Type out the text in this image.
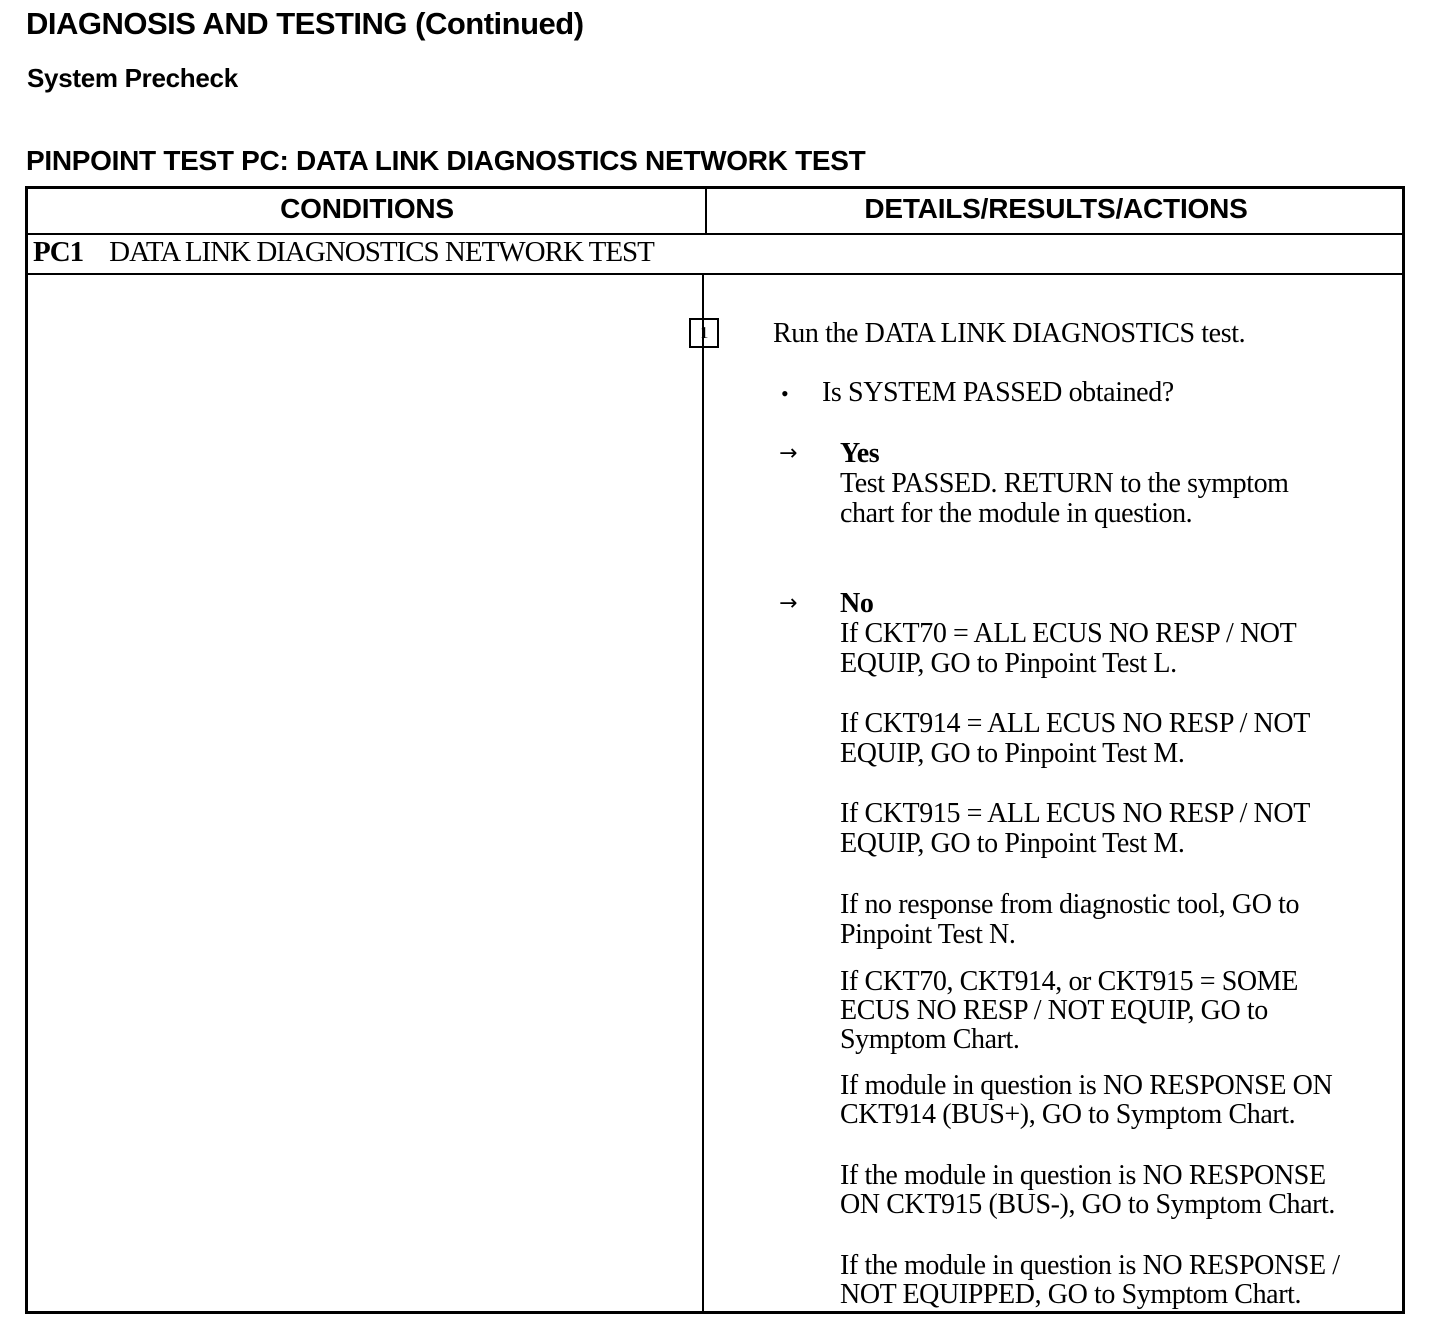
DIAGNOSIS AND TESTING (Continued)
System Precheck
PINPOINT TEST PC: DATA LINK DIAGNOSTICS NETWORK TEST
CONDITIONS	DETAILS/RESULTS/ACTIONS
PC1 DATA LINK DIAGNOSTICS NETWORK TEST
1	Run the DATA LINK DIAGNOSTICS test.
• Is SYSTEM PASSED obtained?
→ Yes
Test PASSED. RETURN to the symptom
chart for the module in question.
→ No
If CKT70 = ALL ECUS NO RESP / NOT
EQUIP, GO to Pinpoint Test L.
If CKT914 = ALL ECUS NO RESP / NOT
EQUIP, GO to Pinpoint Test M.
If CKT915 = ALL ECUS NO RESP / NOT
EQUIP, GO to Pinpoint Test M.
If no response from diagnostic tool, GO to
Pinpoint Test N.
If CKT70, CKT914, or CKT915 = SOME
ECUS NO RESP / NOT EQUIP, GO to
Symptom Chart.
If module in question is NO RESPONSE ON
CKT914 (BUS+), GO to Symptom Chart.
If the module in question is NO RESPONSE
ON CKT915 (BUS-), GO to Symptom Chart.
If the module in question is NO RESPONSE /
NOT EQUIPPED, GO to Symptom Chart.
